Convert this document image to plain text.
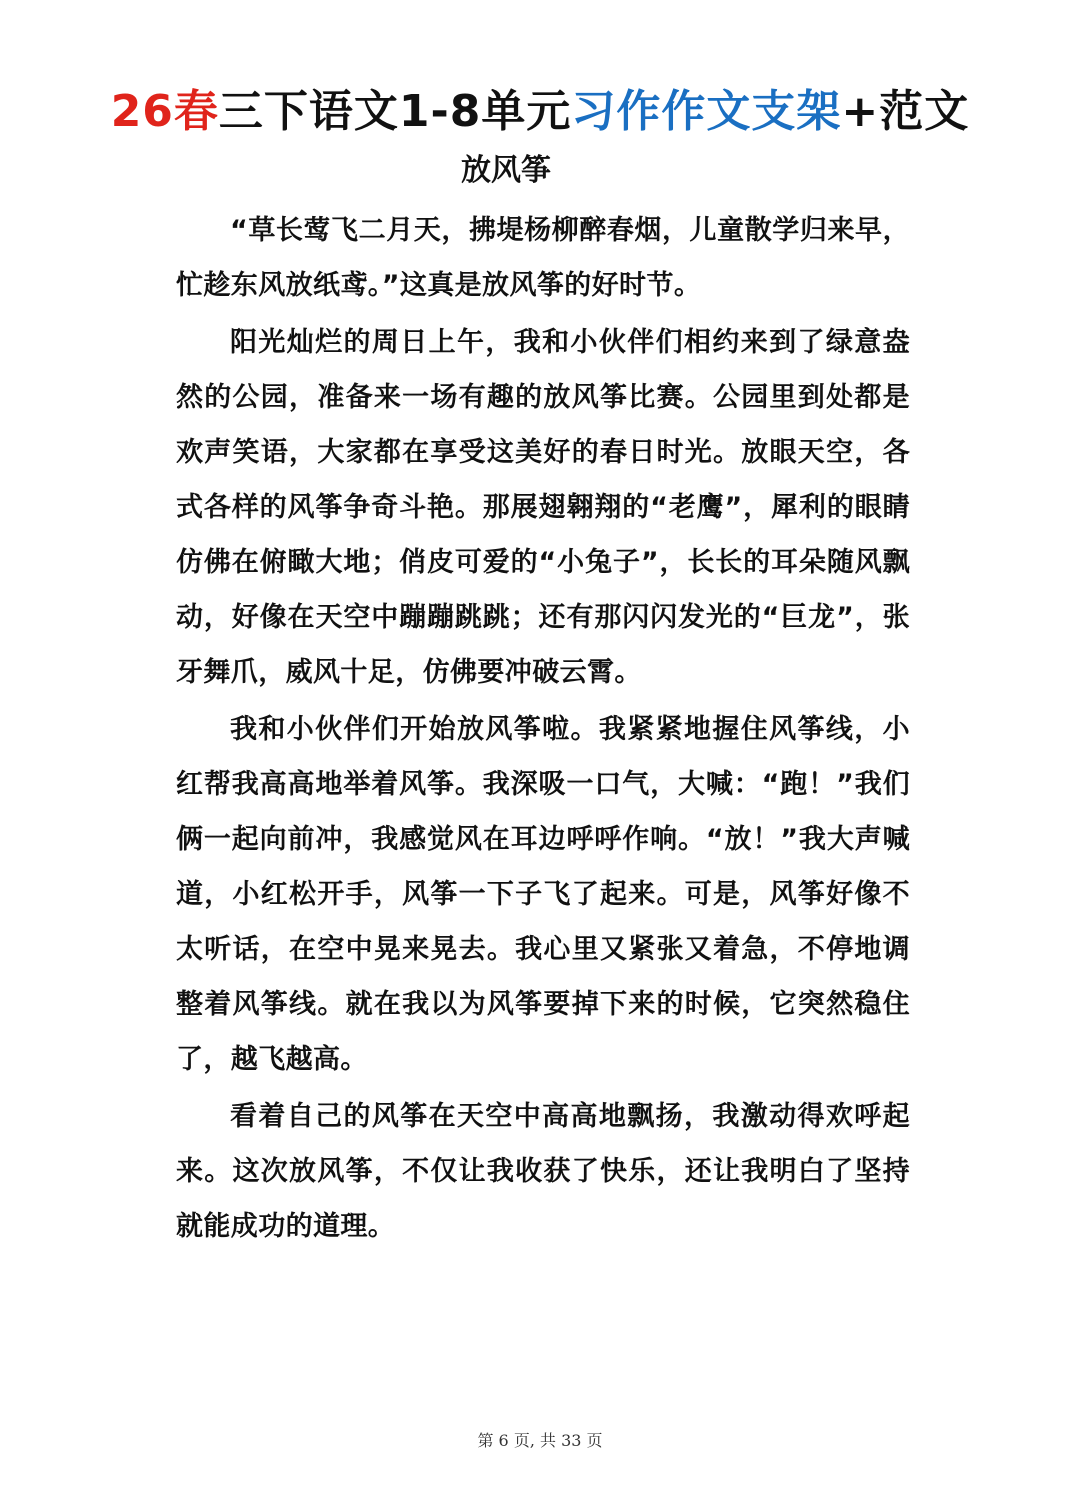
26春三下语文1-8单元习作作文支架+范文
放风筝

“草长莺飞二月天，拂堤杨柳醉春烟，儿童散学归来早，忙趁东风放纸鸢。”这真是放风筝的好时节。

阳光灿烂的周日上午，我和小伙伴们相约来到了绿意盎然的公园，准备来一场有趣的放风筝比赛。公园里到处都是欢声笑语，大家都在享受这美好的春日时光。放眼天空，各式各样的风筝争奇斗艳。那展翅翱翔的“老鹰”，犀利的眼睛仿佛在俯瞰大地；俏皮可爱的“小兔子”，长长的耳朵随风飘动，好像在天空中蹦蹦跳跳；还有那闪闪发光的“巨龙”，张牙舞爪，威风十足，仿佛要冲破云霄。

我和小伙伴们开始放风筝啦。我紧紧地握住风筝线，小红帮我高高地举着风筝。我深吸一口气，大喊：“跑！”我们俩一起向前冲，我感觉风在耳边呼呼作响。“放！”我大声喊道，小红松开手，风筝一下子飞了起来。可是，风筝好像不太听话，在空中晃来晃去。我心里又紧张又着急，不停地调整着风筝线。就在我以为风筝要掉下来的时候，它突然稳住了，越飞越高。

看着自己的风筝在天空中高高地飘扬，我激动得欢呼起来。这次放风筝，不仅让我收获了快乐，还让我明白了坚持就能成功的道理。

第 6 页, 共 33 页
